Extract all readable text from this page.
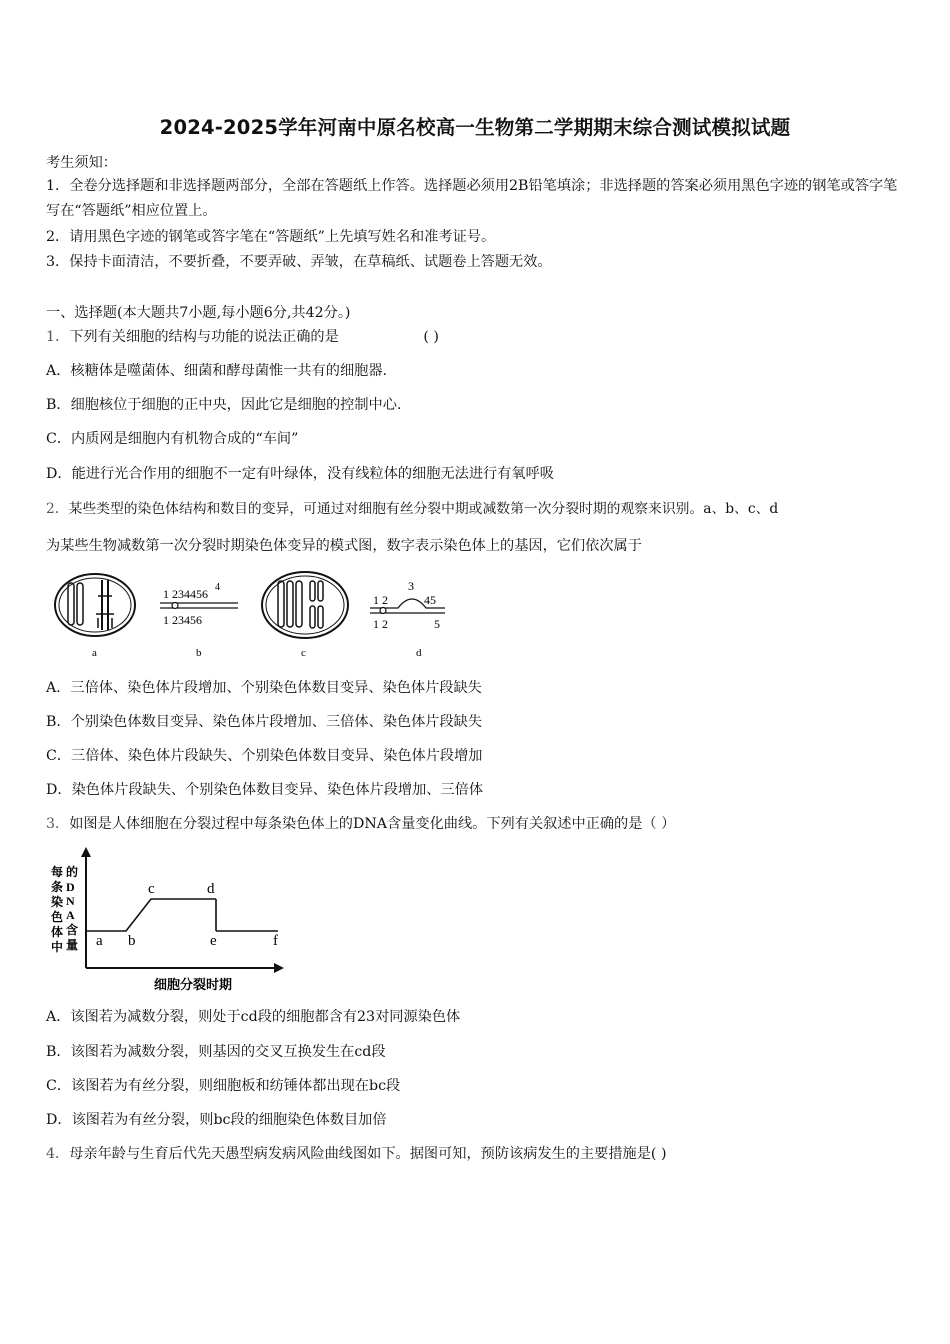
2024-2025学年河南中原名校高一生物第二学期期末综合测试模拟试题
考生须知：
1．全卷分选择题和非选择题两部分，全部在答题纸上作答。选择题必须用2B铅笔填涂；非选择题的答案必须用黑色字迹的钢笔或答字笔写在“答题纸”相应位置上。
2．请用黑色字迹的钢笔或答字笔在“答题纸”上先填写姓名和准考证号。
3．保持卡面清洁，不要折叠，不要弄破、弄皱，在草稿纸、试题卷上答题无效。
一、选择题(本大题共7小题,每小题6分,共42分。)
1．下列有关细胞的结构与功能的说法正确的是	( )
A．核糖体是噬菌体、细菌和酵母菌惟一共有的细胞器.
B．细胞核位于细胞的正中央，因此它是细胞的控制中心.
C．内质网是细胞内有机物合成的“车间”
D．能进行光合作用的细胞不一定有叶绿体，没有线粒体的细胞无法进行有氧呼吸
2．某些类型的染色体结构和数目的变异，可通过对细胞有丝分裂中期或减数第一次分裂时期的观察来识别。a、b、c、d
为某些生物减数第一次分裂时期染色体变异的模式图，数字表示染色体上的基因，它们依次属于
1 234456 4
1 23456
1 2
3
45
1 2	5
a	b	c	d
A．三倍体、染色体片段增加、个别染色体数目变异、染色体片段缺失
B．个别染色体数目变异、染色体片段增加、三倍体、染色体片段缺失
C．三倍体、染色体片段缺失、个别染色体数目变异、染色体片段增加
D．染色体片段缺失、个别染色体数目变异、染色体片段增加、三倍体
3．如图是人体细胞在分裂过程中每条染色体上的DNA含量变化曲线。下列有关叙述中正确的是（ ）
每
条
染
色
体
中
的
D
N
A
含
量 a b
c	d
e	f
细胞分裂时期
A．该图若为减数分裂，则处于cd段的细胞都含有23对同源染色体
B．该图若为减数分裂，则基因的交叉互换发生在cd段
C．该图若为有丝分裂，则细胞板和纺锤体都出现在bc段
D．该图若为有丝分裂，则bc段的细胞染色体数目加倍
4．母亲年龄与生育后代先天愚型病发病风险曲线图如下。据图可知，预防该病发生的主要措施是( )
